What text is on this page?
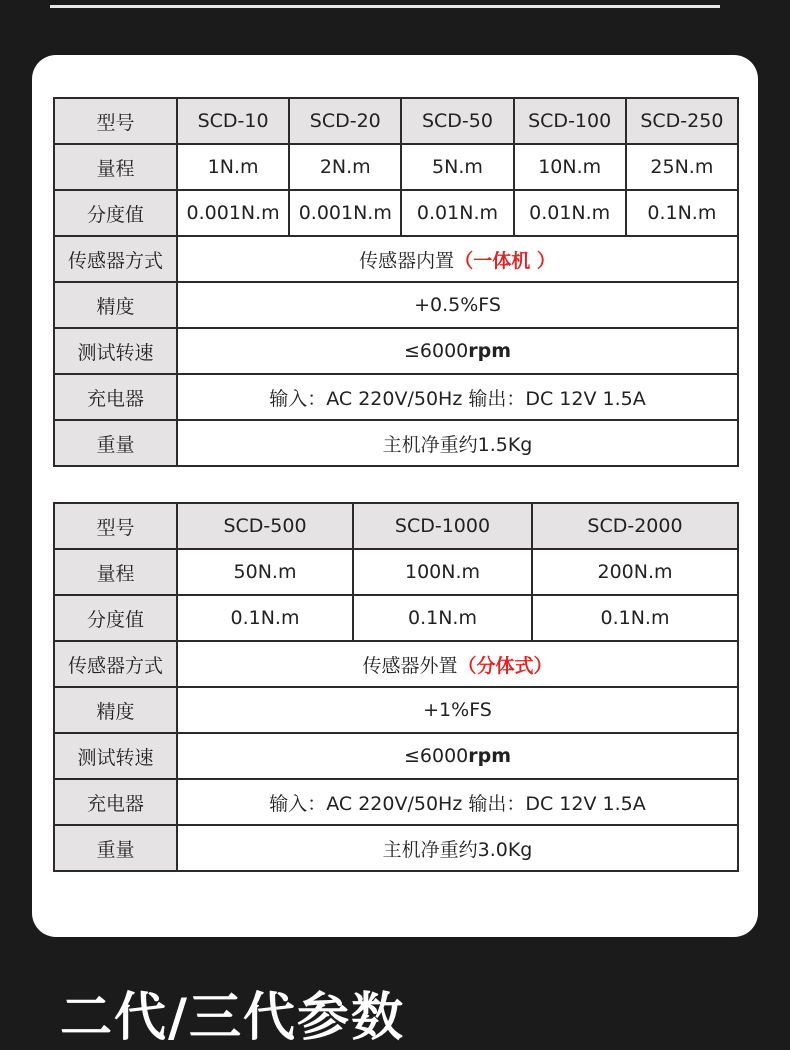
型号	SCD-10	SCD-20	SCD-50	SCD-100	SCD-250
量程	1N.m	2N.m	5N.m	10N.m	25N.m
分度值	0.001N.m	0.001N.m	0.01N.m	0.01N.m	0.1N.m
传感器方式	传感器内置（一体机 ）				
精度	+0.5%FS				
测试转速	≤6000rpm				
充电器	输入：AC 220V/50Hz 输出：DC 12V 1.5A				
重量	主机净重约1.5Kg				
型号	SCD-500	SCD-1000	SCD-2000
量程	50N.m	100N.m	200N.m
分度值	0.1N.m	0.1N.m	0.1N.m
传感器方式	传感器外置（分体式）		
精度	+1%FS		
测试转速	≤6000rpm		
充电器	输入：AC 220V/50Hz 输出：DC 12V 1.5A		
重量	主机净重约3.0Kg		
二代/三代参数
